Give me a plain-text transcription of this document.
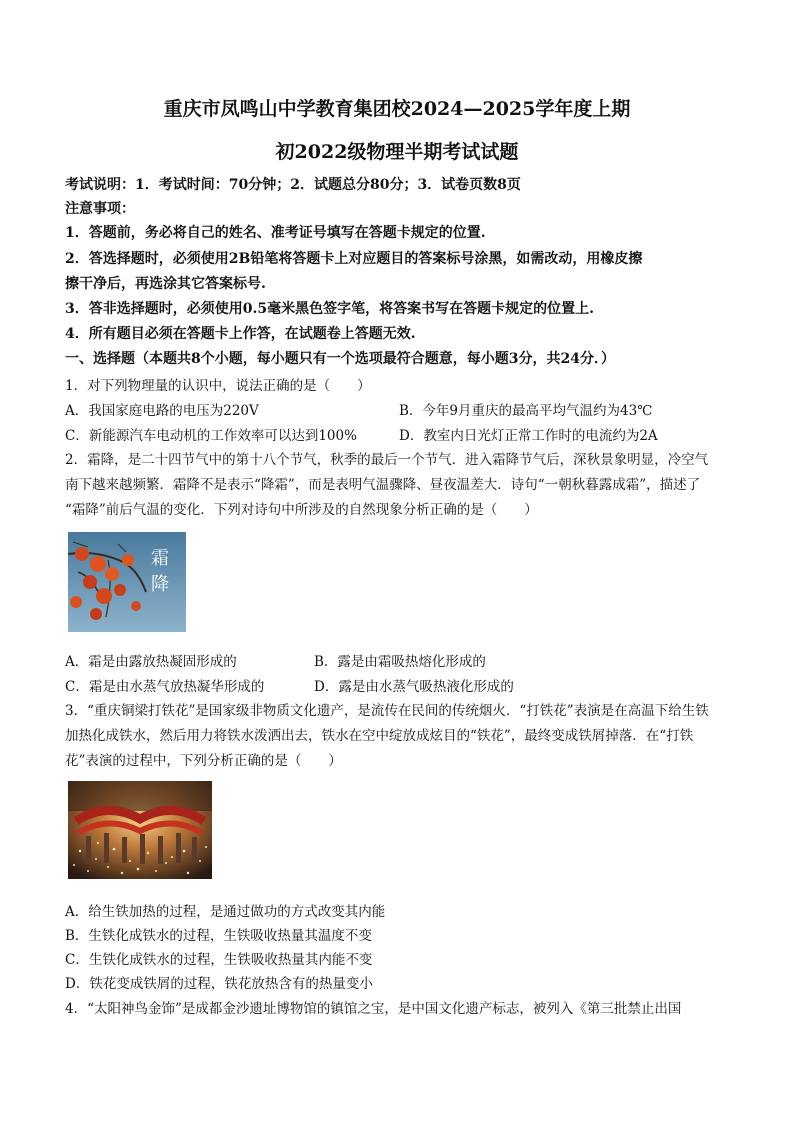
重庆市凤鸣山中学教育集团校2024—2025学年度上期
初2022级物理半期考试试题
考试说明：1．考试时间：70分钟；2．试题总分80分；3．试卷页数8页
注意事项：
1．答题前，务必将自己的姓名、准考证号填写在答题卡规定的位置.
2．答选择题时，必须使用2B铅笔将答题卡上对应题目的答案标号涂黑，如需改动，用橡皮擦
擦干净后，再选涂其它答案标号.
3．答非选择题时，必须使用0.5毫米黑色签字笔，将答案书写在答题卡规定的位置上.
4．所有题目必须在答题卡上作答，在试题卷上答题无效.
一、选择题（本题共8个小题，每小题只有一个选项最符合题意，每小题3分，共24分．）
1．对下列物理量的认识中，说法正确的是（　　）
A．我国家庭电路的电压为220V	B．今年9月重庆的最高平均气温约为43℃
C．新能源汽车电动机的工作效率可以达到100%	D．教室内日光灯正常工作时的电流约为2A
2．霜降，是二十四节气中的第十八个节气，秋季的最后一个节气．进入霜降节气后，深秋景象明显，冷空气
南下越来越频繁．霜降不是表示“降霜”，而是表明气温骤降、昼夜温差大．诗句“一朝秋暮露成霜”，描述了
“霜降”前后气温的变化．下列对诗句中所涉及的自然现象分析正确的是（　　）
霜
降
A．霜是由露放热凝固形成的	B．露是由霜吸热熔化形成的
C．霜是由水蒸气放热凝华形成的	D．露是由水蒸气吸热液化形成的
3．“重庆铜梁打铁花”是国家级非物质文化遗产，是流传在民间的传统烟火．“打铁花”表演是在高温下给生铁
加热化成铁水，然后用力将铁水泼洒出去，铁水在空中绽放成炫目的“铁花”，最终变成铁屑掉落．在“打铁
花”表演的过程中，下列分析正确的是（　　）
A．给生铁加热的过程，是通过做功的方式改变其内能
B．生铁化成铁水的过程，生铁吸收热量其温度不变
C．生铁化成铁水的过程，生铁吸收热量其内能不变
D．铁花变成铁屑的过程，铁花放热含有的热量变小
4．“太阳神鸟金饰”是成都金沙遗址博物馆的镇馆之宝，是中国文化遗产标志，被列入《第三批禁止出国
